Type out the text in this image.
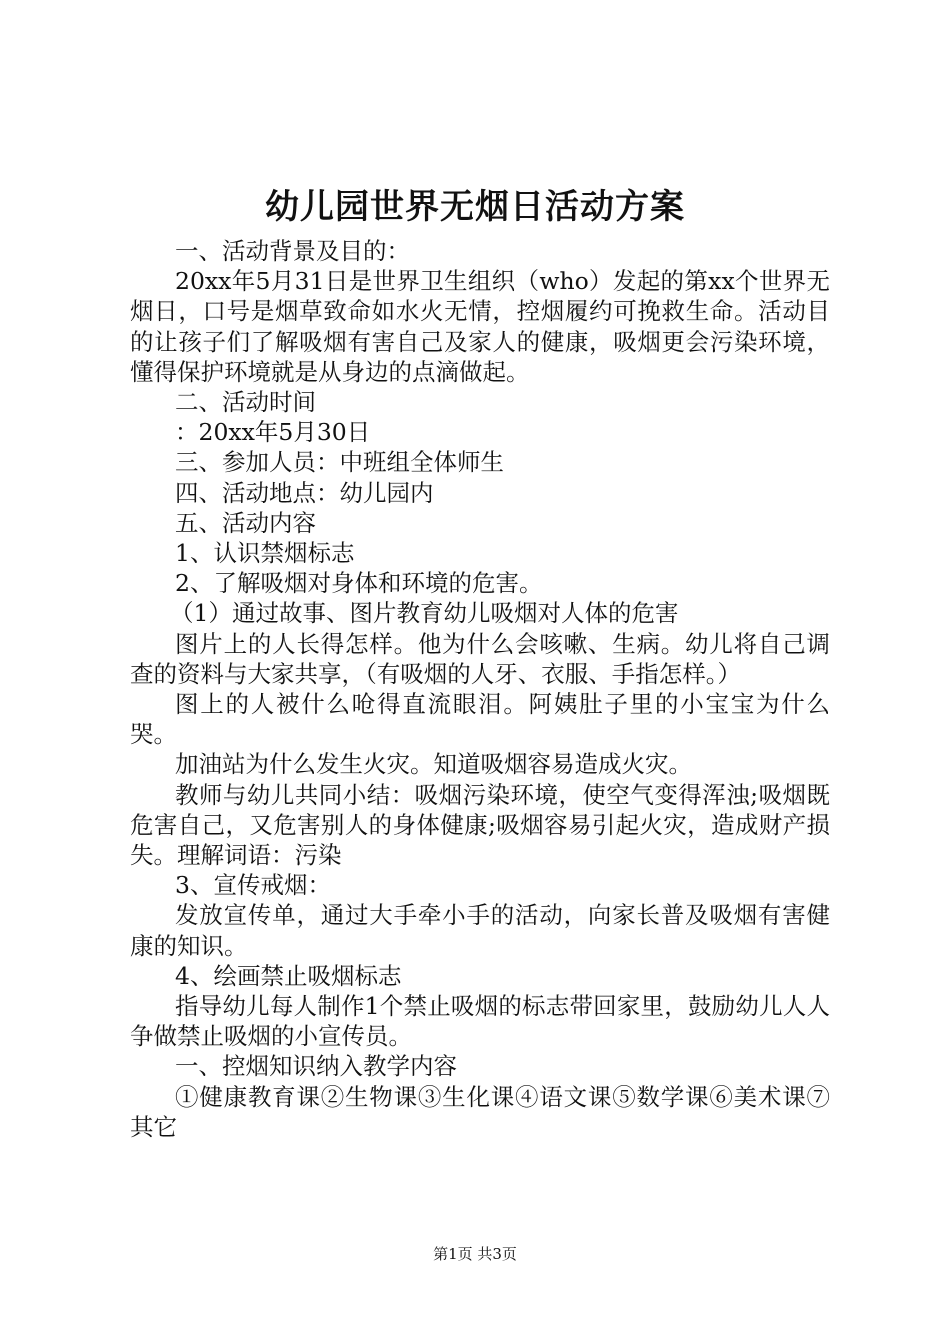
幼儿园世界无烟日活动方案

一、活动背景及目的：

20xx年5月31日是世界卫生组织（who）发起的第xx个世界无烟日，口号是烟草致命如水火无情，控烟履约可挽救生命。活动目的让孩子们了解吸烟有害自己及家人的健康，吸烟更会污染环境，懂得保护环境就是从身边的点滴做起。

二、活动时间

：20xx年5月30日

三、参加人员：中班组全体师生

四、活动地点：幼儿园内

五、活动内容

1、认识禁烟标志

2、了解吸烟对身体和环境的危害。

（1）通过故事、图片教育幼儿吸烟对人体的危害

图片上的人长得怎样。他为什么会咳嗽、生病。幼儿将自己调查的资料与大家共享，（有吸烟的人牙、衣服、手指怎样。）

图上的人被什么呛得直流眼泪。阿姨肚子里的小宝宝为什么哭。

加油站为什么发生火灾。知道吸烟容易造成火灾。

教师与幼儿共同小结：吸烟污染环境，使空气变得浑浊;吸烟既危害自己，又危害别人的身体健康;吸烟容易引起火灾，造成财产损失。理解词语：污染

3、宣传戒烟：

发放宣传单，通过大手牵小手的活动，向家长普及吸烟有害健康的知识。

4、绘画禁止吸烟标志

指导幼儿每人制作1个禁止吸烟的标志带回家里，鼓励幼儿人人争做禁止吸烟的小宣传员。

一、控烟知识纳入教学内容

①健康教育课②生物课③生化课④语文课⑤数学课⑥美术课⑦其它

第1页 共3页
